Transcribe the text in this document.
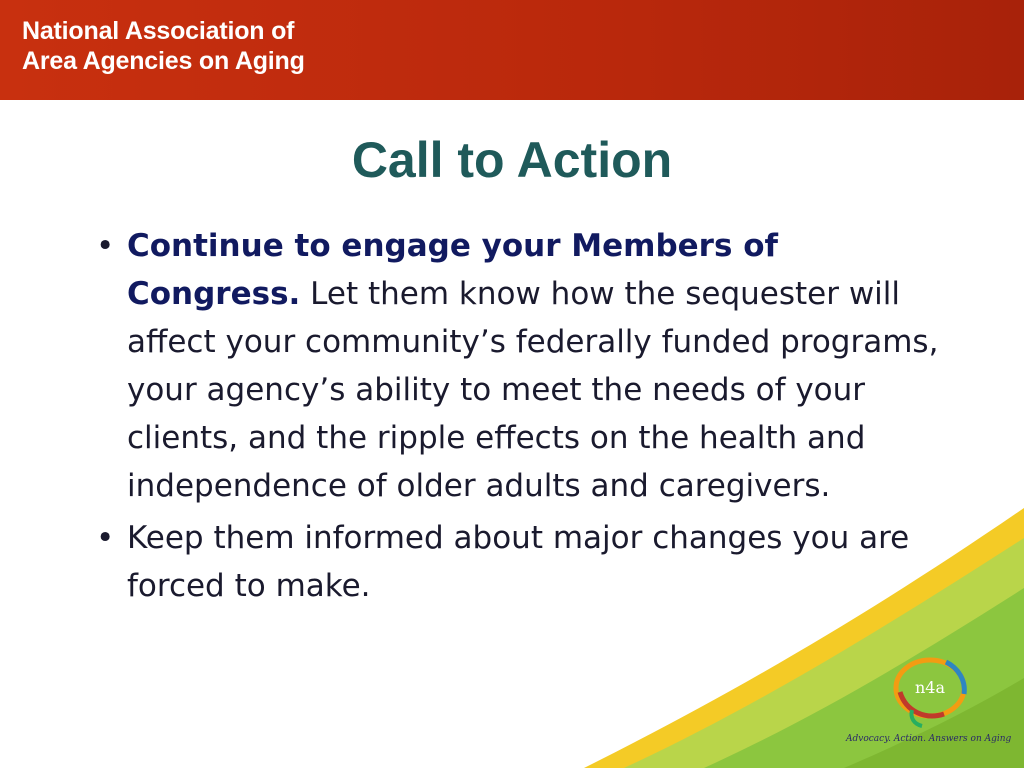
National Association of
Area Agencies on Aging
Call to Action
• Continue to engage your Members of Congress. Let them know how the sequester will affect your community’s federally funded programs, your agency’s ability to meet the needs of your clients, and the ripple effects on the health and independence of older adults and caregivers.
• Keep them informed about major changes you are forced to make.
n4a
Advocacy. Action. Answers on Aging
